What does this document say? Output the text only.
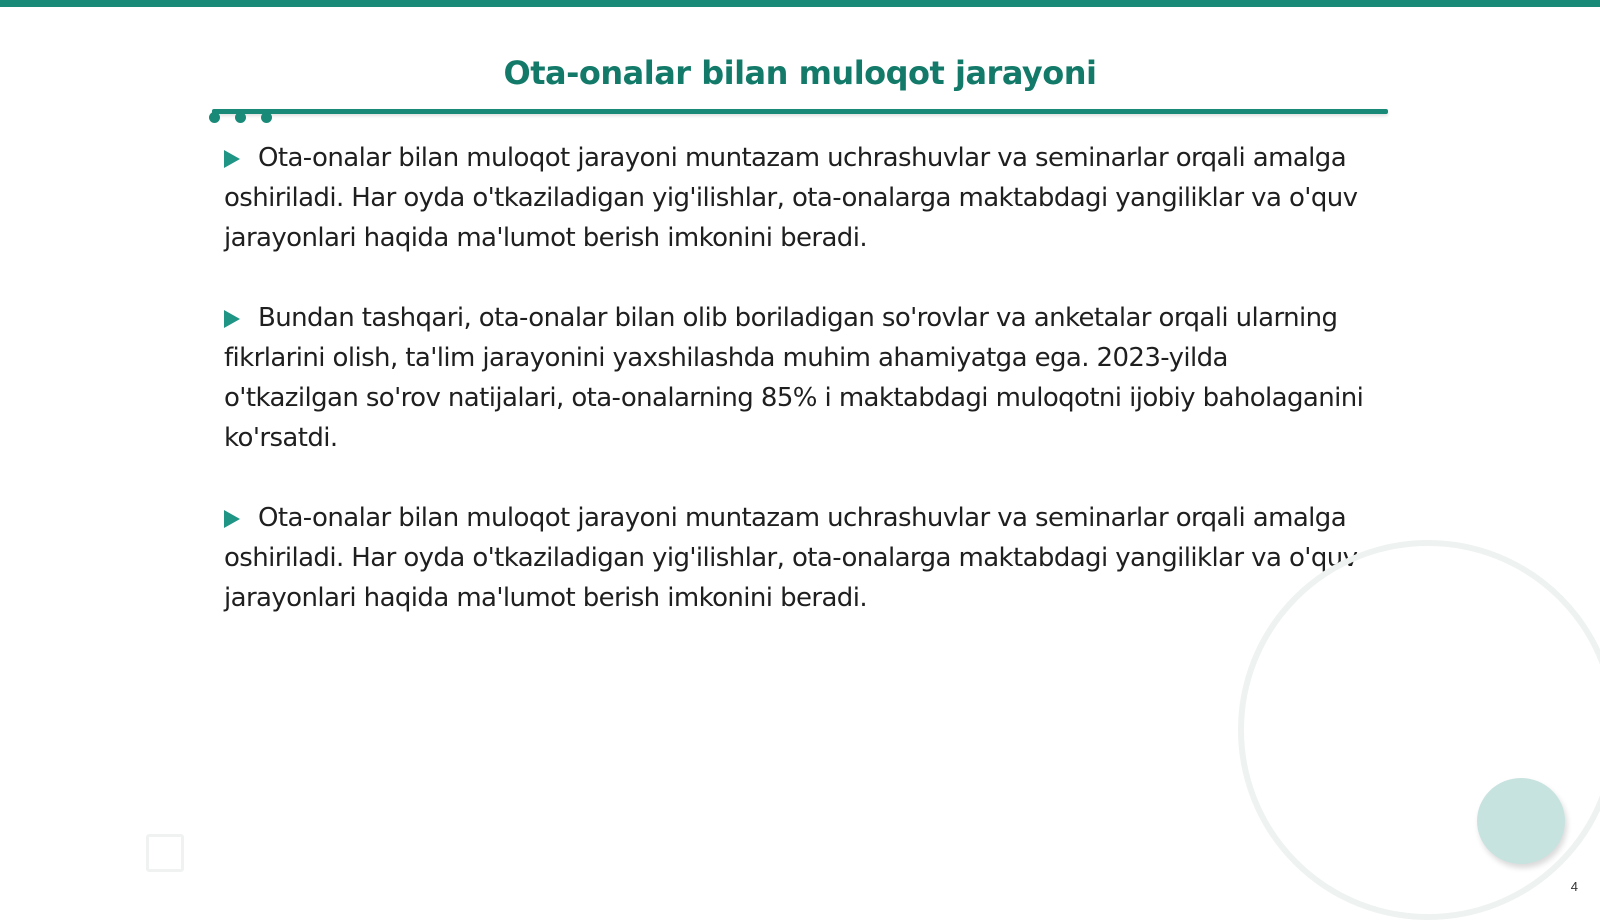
Ota-onalar bilan muloqot jarayoni

Ota-onalar bilan muloqot jarayoni muntazam uchrashuvlar va seminarlar orqali amalga oshiriladi. Har oyda o'tkaziladigan yig'ilishlar, ota-onalarga maktabdagi yangiliklar va o'quv jarayonlari haqida ma'lumot berish imkonini beradi.

Bundan tashqari, ota-onalar bilan olib boriladigan so'rovlar va anketalar orqali ularning fikrlarini olish, ta'lim jarayonini yaxshilashda muhim ahamiyatga ega. 2023-yilda o'tkazilgan so'rov natijalari, ota-onalarning 85% i maktabdagi muloqotni ijobiy baholaganini ko'rsatdi.

Ota-onalar bilan muloqot jarayoni muntazam uchrashuvlar va seminarlar orqali amalga oshiriladi. Har oyda o'tkaziladigan yig'ilishlar, ota-onalarga maktabdagi yangiliklar va o'quv jarayonlari haqida ma'lumot berish imkonini beradi.

4
